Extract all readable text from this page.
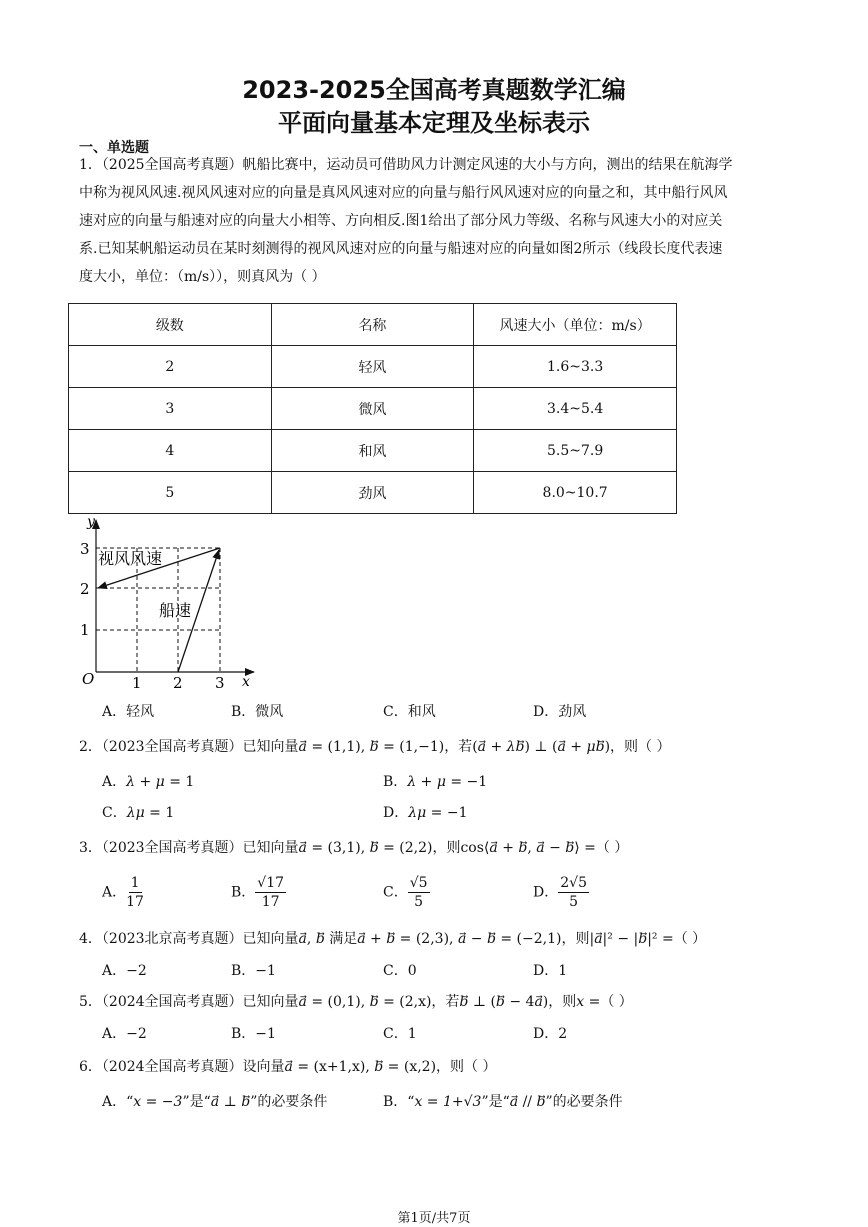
2023-2025全国高考真题数学汇编
平面向量基本定理及坐标表示
一、单选题
1．（2025全国高考真题）帆船比赛中，运动员可借助风力计测定风速的大小与方向，测出的结果在航海学
中称为视风风速.视风风速对应的向量是真风风速对应的向量与船行风风速对应的向量之和，其中船行风风
速对应的向量与船速对应的向量大小相等、方向相反.图1给出了部分风力等级、名称与风速大小的对应关
系.已知某帆船运动员在某时刻测得的视风风速对应的向量与船速对应的向量如图2所示（线段长度代表速
度大小，单位：（m/s）），则真风为（ ）
级数	名称	风速大小（单位：m/s）
2	轻风	1.6~3.3
3	微风	3.4~5.4
4	和风	5.5~7.9
5	劲风	8.0~10.7
y
x
O	1 2 3
1
2
3 视风风速
船速
A．轻风	B．微风	C．和风	D．劲风
2．（2023全国高考真题）已知向量a = (1,1), b = (1,−1)，若(a⃗ + λb⃗) ⊥ (a⃗ + μb⃗)，则（ ）
A．λ + μ = 1	B．λ + μ = −1
C．λμ = 1	D．λμ = −1
3．（2023全国高考真题）已知向量a⃗ = (3,1), b⃗ = (2,2)，则cos⟨a⃗ + b⃗, a⃗ − b⃗⟩ =（ ）
A． $\frac{1}{17}$	B． $\frac{√17}{17}$	C． $\frac{√5}{5}$	D． $\frac{2√5}{5}$
4．（2023北京高考真题）已知向量a⃗, b⃗ 满足a⃗ + b⃗ = (2,3), a⃗ − b⃗ = (−2,1)，则|a⃗|² − |b⃗|² =（ ）
A．−2	B．−1	C．0	D．1
5．（2024全国高考真题）已知向量a⃗ = (0,1), b⃗ = (2,x)，若b⃗ ⊥ (b⃗ − 4a⃗)，则x =（ ）
A．−2	B．−1	C．1	D．2
6．（2024全国高考真题）设向量a⃗ = (x+1,x), b⃗ = (x,2)，则（ ）
A．“x = −3”是“a⃗ ⊥ b”的必要条件	B．“x = 1+√3”是“a⃗ // b”的必要条件
第1页/共7页
